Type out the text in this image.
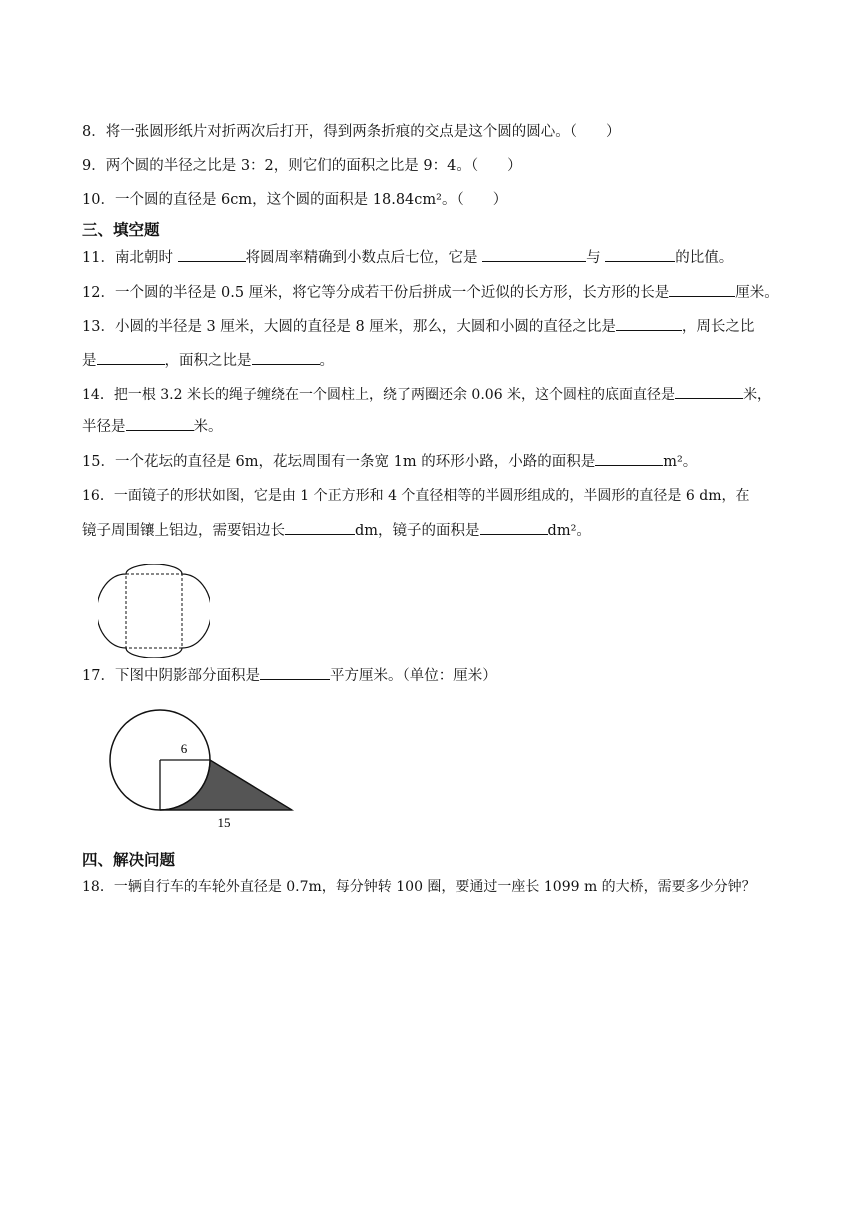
8．将一张圆形纸片对折两次后打开，得到两条折痕的交点是这个圆的圆心。（　　）
9．两个圆的半径之比是 3：2，则它们的面积之比是 9：4。（　　）
10．一个圆的直径是 6cm，这个圆的面积是 18.84cm²。（　　）
三、填空题
11．南北朝时	将圆周率精确到小数点后七位，它是	与	的比值。
12．一个圆的半径是 0.5 厘米，将它等分成若干份后拼成一个近似的长方形，长方形的长是	厘米。
13．小圆的半径是 3 厘米，大圆的直径是 8 厘米，那么，大圆和小圆的直径之比是	，周长之比
是	，面积之比是	。
14．把一根 3.2 米长的绳子缠绕在一个圆柱上，绕了两圈还余 0.06 米，这个圆柱的底面直径是	米，
半径是	米。
15．一个花坛的直径是 6m，花坛周围有一条宽 1m 的环形小路，小路的面积是	m²。
16．一面镜子的形状如图，它是由 1 个正方形和 4 个直径相等的半圆形组成的，半圆形的直径是 6 dm，在
镜子周围镶上铝边，需要铝边长	dm，镜子的面积是	dm²。
17．下图中阴影部分面积是	平方厘米。（单位：厘米）
6
15
四、解决问题
18．一辆自行车的车轮外直径是 0.7m，每分钟转 100 圈，要通过一座长 1099 m 的大桥，需要多少分钟？
